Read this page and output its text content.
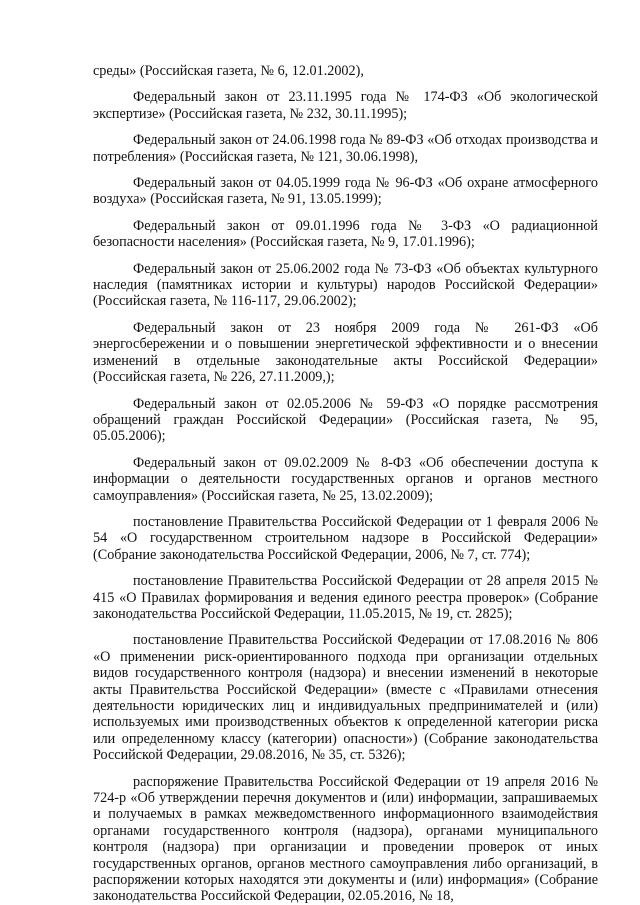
среды» (Российская газета, № 6, 12.01.2002),

Федеральный закон от 23.11.1995 года № 174-ФЗ «Об экологической экспертизе» (Российская газета, № 232, 30.11.1995);

Федеральный закон от 24.06.1998 года № 89-ФЗ «Об отходах производства и потребления» (Российская газета, № 121, 30.06.1998),

Федеральный закон от 04.05.1999 года № 96-ФЗ «Об охране атмосферного воздуха» (Российская газета, № 91, 13.05.1999);

Федеральный закон от 09.01.1996 года № 3-ФЗ «О радиационной безопасности населения» (Российская газета, № 9, 17.01.1996);

Федеральный закон от 25.06.2002 года № 73-ФЗ «Об объектах культурного наследия (памятниках истории и культуры) народов Российской Федерации» (Российская газета, № 116-117, 29.06.2002);

Федеральный закон от 23 ноября 2009 года № 261-ФЗ «Об энергосбережении и о повышении энергетической эффективности и о внесении изменений в отдельные законодательные акты Российской Федерации» (Российская газета, № 226, 27.11.2009,);

Федеральный закон от 02.05.2006 № 59-ФЗ «О порядке рассмотрения обращений граждан Российской Федерации» (Российская газета, № 95, 05.05.2006);

Федеральный закон от 09.02.2009 № 8-ФЗ «Об обеспечении доступа к информации о деятельности государственных органов и органов местного самоуправления» (Российская газета, № 25, 13.02.2009);

постановление Правительства Российской Федерации от 1 февраля 2006 № 54 «О государственном строительном надзоре в Российской Федерации» (Собрание законодательства Российской Федерации, 2006, № 7, ст. 774);

постановление Правительства Российской Федерации от 28 апреля 2015 № 415 «О Правилах формирования и ведения единого реестра проверок» (Собрание законодательства Российской Федерации, 11.05.2015, № 19, ст. 2825);

постановление Правительства Российской Федерации от 17.08.2016 № 806 «О применении риск-ориентированного подхода при организации отдельных видов государственного контроля (надзора) и внесении изменений в некоторые акты Правительства Российской Федерации» (вместе с «Правилами отнесения деятельности юридических лиц и индивидуальных предпринимателей и (или) используемых ими производственных объектов к определенной категории риска или определенному классу (категории) опасности») (Собрание законодательства Российской Федерации, 29.08.2016, № 35, ст. 5326);

распоряжение Правительства Российской Федерации от 19 апреля 2016 № 724-р «Об утверждении перечня документов и (или) информации, запрашиваемых и получаемых в рамках межведомственного информационного взаимодействия органами государственного контроля (надзора), органами муниципального контроля (надзора) при организации и проведении проверок от иных государственных органов, органов местного самоуправления либо организаций, в распоряжении которых находятся эти документы и (или) информация» (Собрание законодательства Российской Федерации, 02.05.2016, № 18,
